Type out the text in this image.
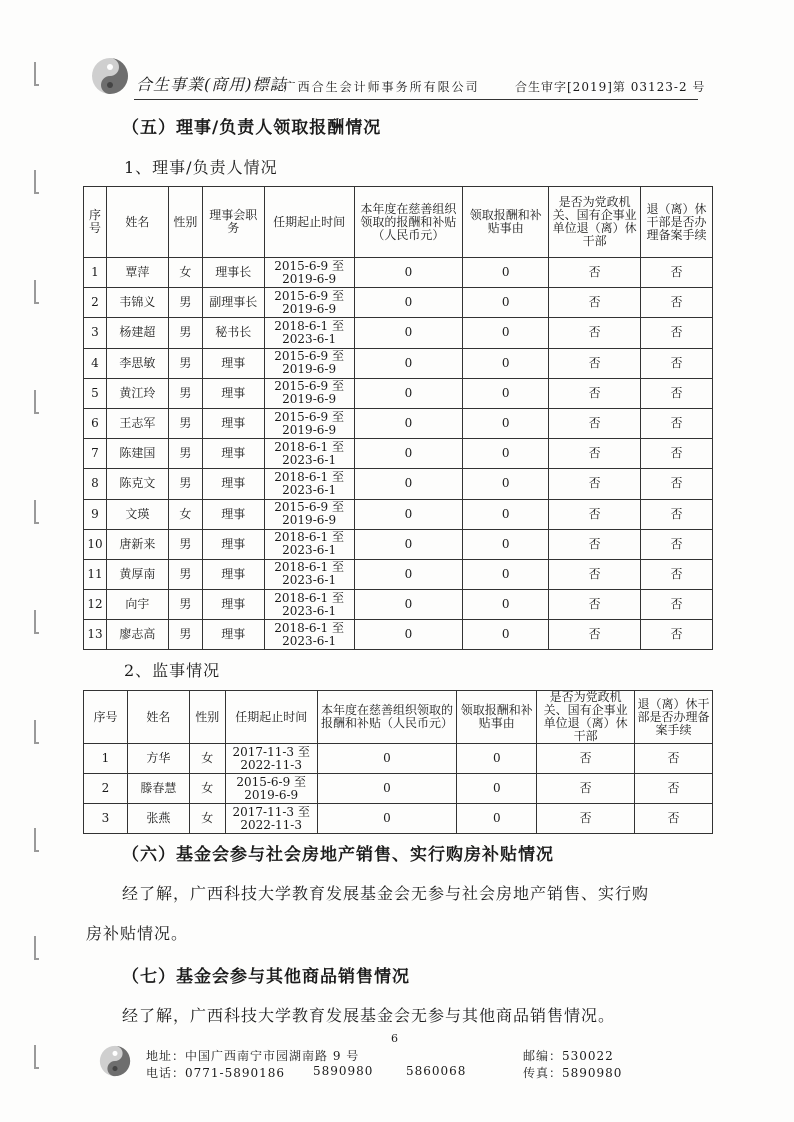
合生事業(商用)標誌
· 广西合生会计师事务所有限公司	合生审字[2019]第 03123-2 号
（五）理事/负责人领取报酬情况
1、理事/负责人情况
序号	姓名	性别	理事会职务	任期起止时间	本年度在慈善组织领取的报酬和补贴（人民币元）	领取报酬和补贴事由	是否为党政机关、国有企事业单位退（离）休干部	退（离）休干部是否办理备案手续
1	覃萍	女	理事长	2015-6-9 至 2019-6-9	0	0	否	否
2	韦锦义	男	副理事长	2015-6-9 至 2019-6-9	0	0	否	否
3	杨建超	男	秘书长	2018-6-1 至 2023-6-1	0	0	否	否
4	李思敏	男	理事	2015-6-9 至 2019-6-9	0	0	否	否
5	黄江玲	男	理事	2015-6-9 至 2019-6-9	0	0	否	否
6	王志军	男	理事	2015-6-9 至 2019-6-9	0	0	否	否
7	陈建国	男	理事	2018-6-1 至 2023-6-1	0	0	否	否
8	陈克文	男	理事	2018-6-1 至 2023-6-1	0	0	否	否
9	文瑛	女	理事	2015-6-9 至 2019-6-9	0	0	否	否
10	唐新来	男	理事	2018-6-1 至 2023-6-1	0	0	否	否
11	黄厚南	男	理事	2018-6-1 至 2023-6-1	0	0	否	否
12	向宇	男	理事	2018-6-1 至 2023-6-1	0	0	否	否
13	廖志高	男	理事	2018-6-1 至 2023-6-1	0	0	否	否
2、监事情况
序号	姓名	性别	任期起止时间	本年度在慈善组织领取的报酬和补贴（人民币元）	领取报酬和补贴事由	是否为党政机关、国有企事业单位退（离）休干部	退（离）休干部是否办理备案手续
1	方华	女	2017-11-3 至 2022-11-3	0	0	否	否
2	滕春慧	女	2015-6-9 至 2019-6-9	0	0	否	否
3	张燕	女	2017-11-3 至 2022-11-3	0	0	否	否
（六）基金会参与社会房地产销售、实行购房补贴情况
经了解，广西科技大学教育发展基金会无参与社会房地产销售、实行购
房补贴情况。
（七）基金会参与其他商品销售情况
经了解，广西科技大学教育发展基金会无参与其他商品销售情况。
6
地址：中国广西南宁市园湖南路 9 号
电话：0771-5890186 5890980	5860068
邮编：530022
传真：5890980
